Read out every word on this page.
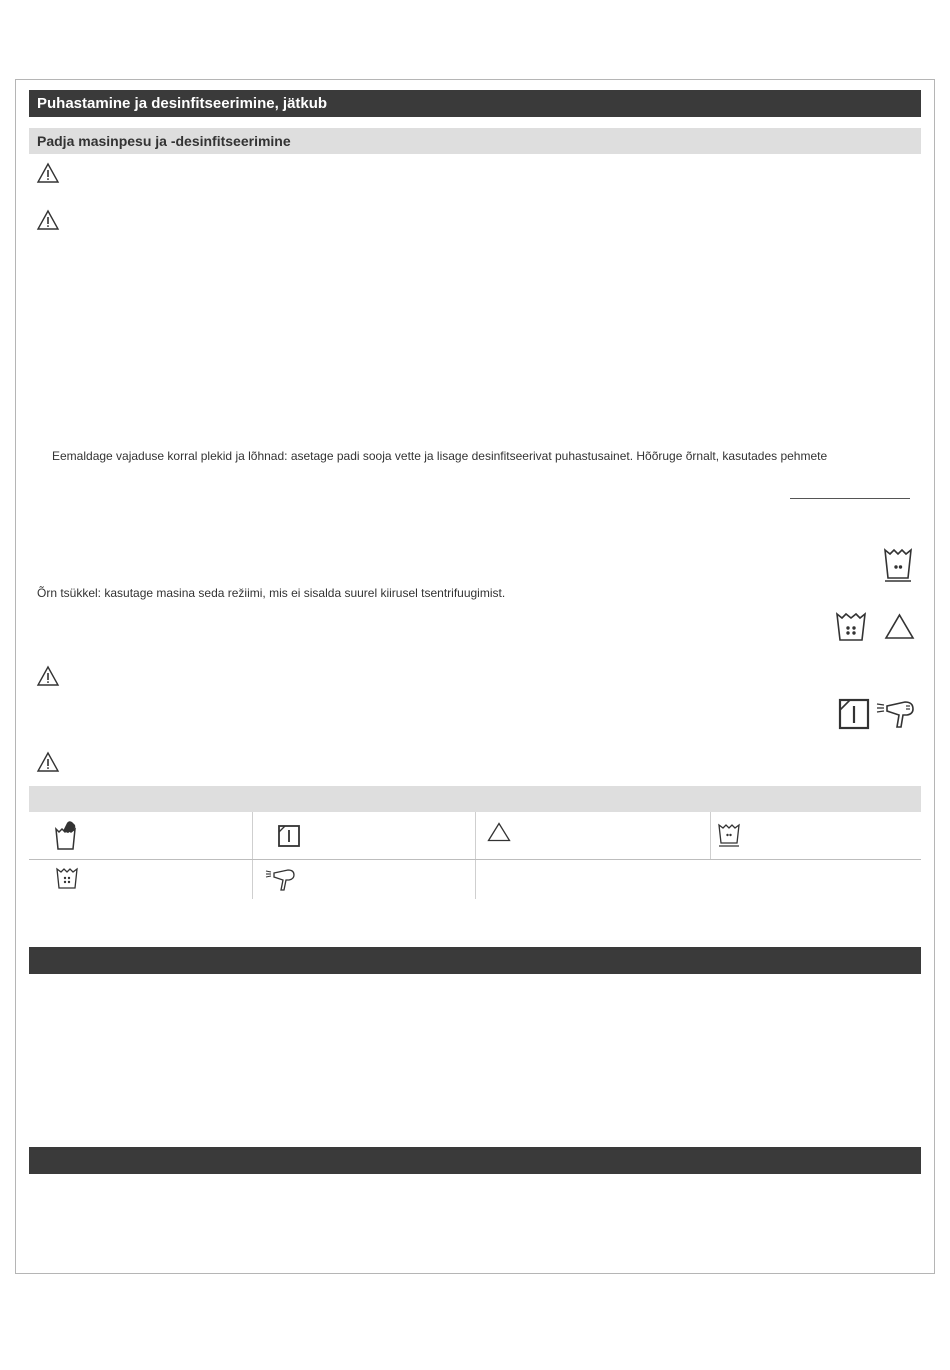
Puhastamine ja desinfitseerimine, jätkub
Padja masinpesu ja -desinfitseerimine
Eemaldage vajaduse korral plekid ja lõhnad: asetage padi sooja vette ja lisage desinfitseerivat puhastusainet. Hõõruge õrnalt, kasutades pehmete
Õrn tsükkel: kasutage masina seda režiimi, mis ei sisalda suurel kiirusel tsentrifuugimist.
